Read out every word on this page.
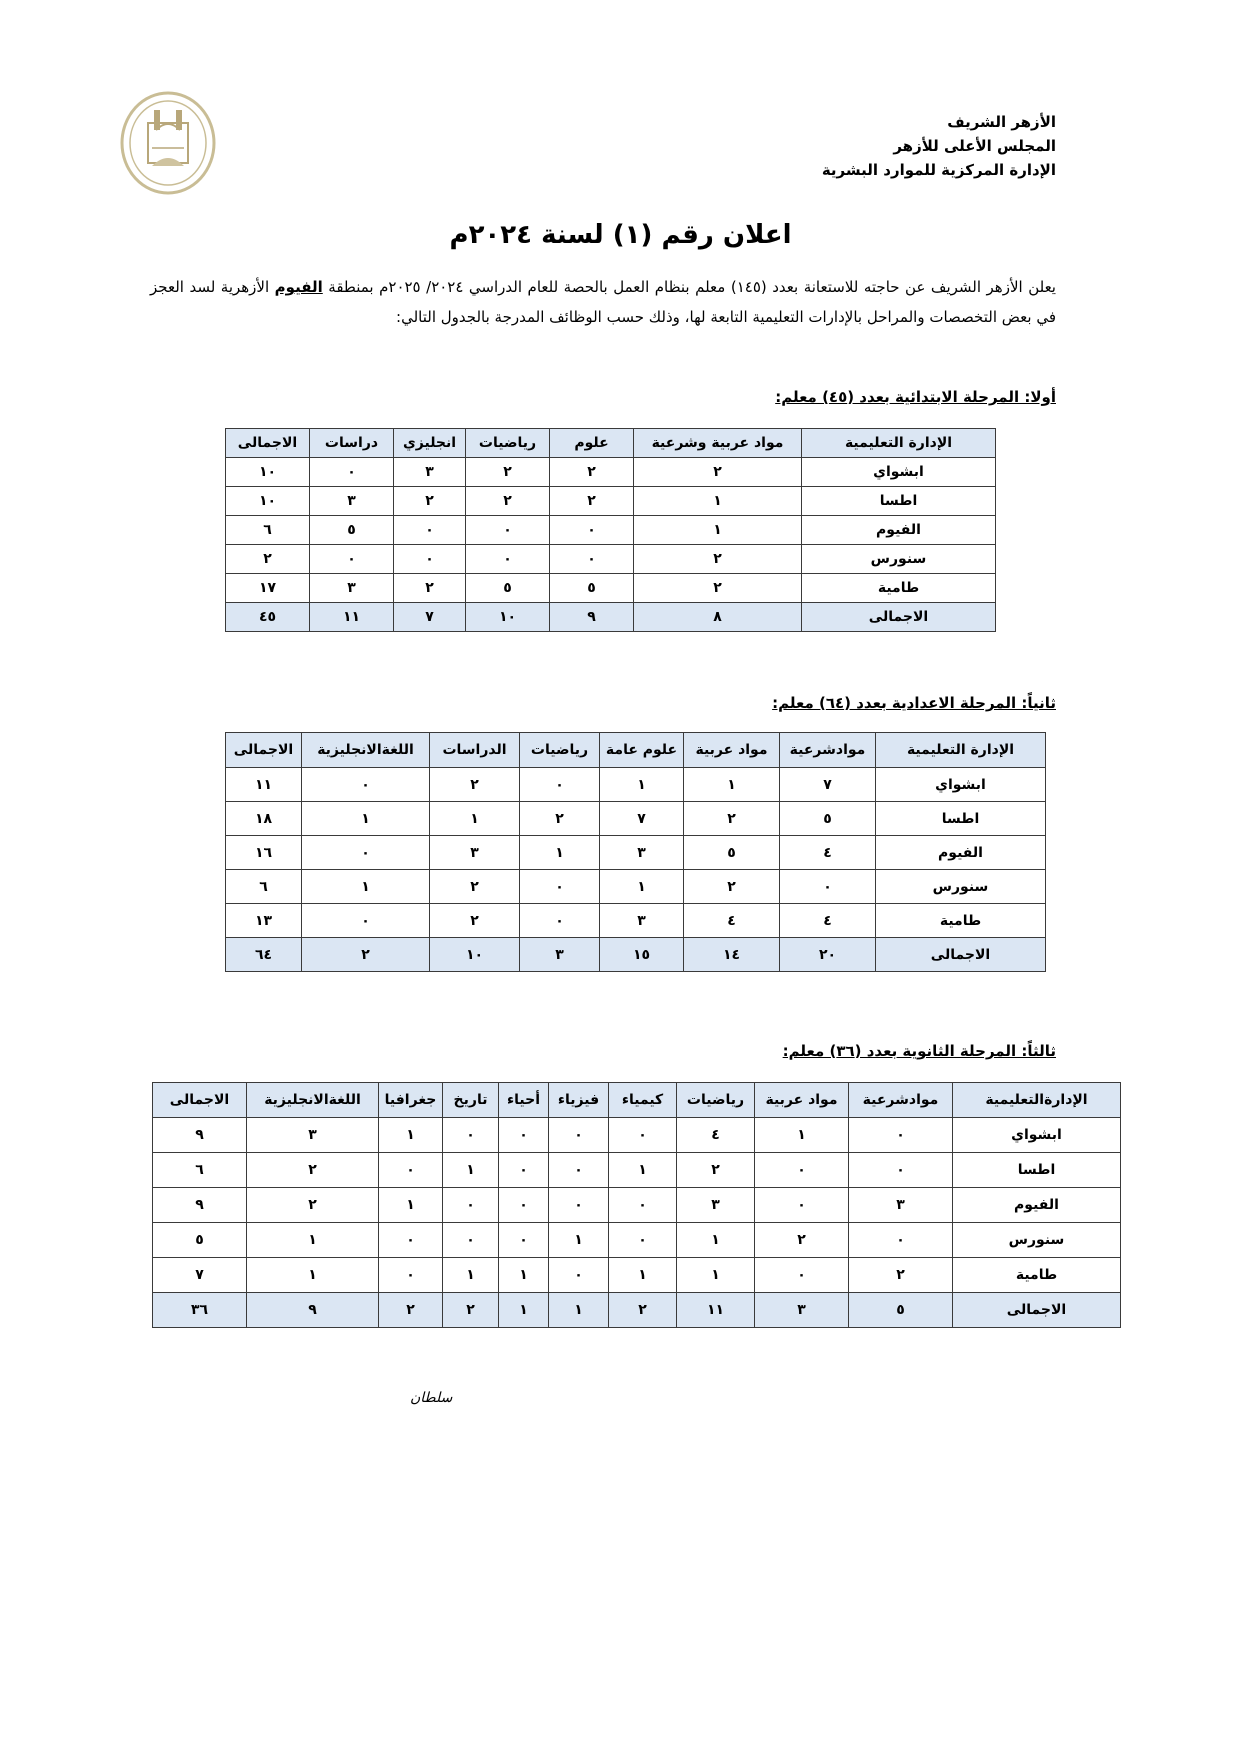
الأزهر الشريف
المجلس الأعلى للأزهر
الإدارة المركزية للموارد البشرية
اعلان رقم (١) لسنة ٢٠٢٤م
يعلن الأزهر الشريف عن حاجته للاستعانة بعدد (١٤٥) معلم بنظام العمل بالحصة للعام الدراسي ٢٠٢٤/ ٢٠٢٥م بمنطقة الفيوم الأزهرية لسد العجز في بعض التخصصات والمراحل بالإدارات التعليمية التابعة لها، وذلك حسب الوظائف المدرجة بالجدول التالي:
أولا: المرحلة الابتدائية بعدد (٤٥) معلم:
الإدارة التعليمية	مواد عربية وشرعية	علوم	رياضيات	انجليزي	دراسات	الاجمالى
ابشواي	٢	٢	٢	٣	٠	١٠
اطسا	١	٢	٢	٢	٣	١٠
الفيوم	١	٠	٠	٠	٥	٦
سنورس	٢	٠	٠	٠	٠	٢
طامية	٢	٥	٥	٢	٣	١٧
الاجمالى	٨	٩	١٠	٧	١١	٤٥
ثانياً: المرحلة الاعدادية بعدد (٦٤) معلم:
الإدارة التعليمية	موادشرعية	مواد عربية	علوم عامة	رياضيات	الدراسات	اللغةالانجليزية	الاجمالى
ابشواي	٧	١	١	٠	٢	٠	١١
اطسا	٥	٢	٧	٢	١	١	١٨
الفيوم	٤	٥	٣	١	٣	٠	١٦
سنورس	٠	٢	١	٠	٢	١	٦
طامية	٤	٤	٣	٠	٢	٠	١٣
الاجمالى	٢٠	١٤	١٥	٣	١٠	٢	٦٤
ثالثاً: المرحلة الثانوية بعدد (٣٦) معلم:
الإدارةالتعليمية	موادشرعية	مواد عربية	رياضيات	كيمياء	فيزياء	أحياء	تاريخ	جغرافيا	اللغةالانجليزية	الاجمالى
ابشواي	٠	١	٤	٠	٠	٠	٠	١	٣	٩
اطسا	٠	٠	٢	١	٠	٠	١	٠	٢	٦
الفيوم	٣	٠	٣	٠	٠	٠	٠	١	٢	٩
سنورس	٠	٢	١	٠	١	٠	٠	٠	١	٥
طامية	٢	٠	١	١	٠	١	١	٠	١	٧
الاجمالى	٥	٣	١١	٢	١	١	٢	٢	٩	٣٦
سلطان
